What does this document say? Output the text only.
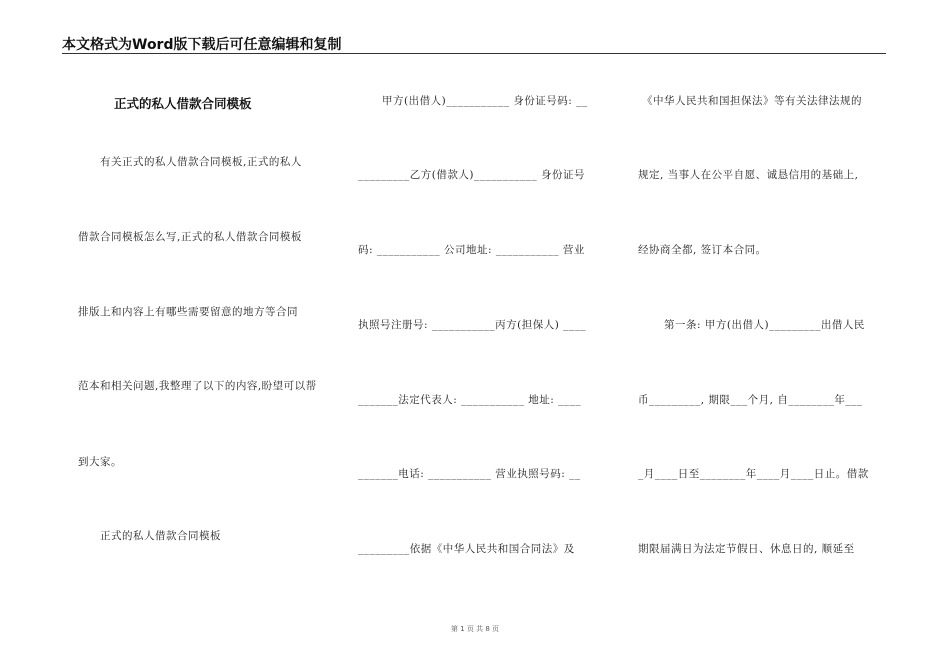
本文格式为Word版下载后可任意编辑和复制
正式的私人借款合同模板
有关正式的私人借款合同模板,正式的私人
借款合同模板怎么写,正式的私人借款合同模板
排版上和内容上有哪些需要留意的地方等合同
范本和相关问题,我整理了以下的内容,盼望可以帮
到大家。
正式的私人借款合同模板
甲方(出借人)___________ 身份证号码: __
_________乙方(借款人)___________ 身份证号
码: ___________ 公司地址: ___________ 营业
执照号注册号: ___________丙方(担保人) ____
_______法定代表人: ___________ 地址: ____
_______电话: ___________ 营业执照号码: __
_________依据《中华人民共和国合同法》及
《中华人民共和国担保法》等有关法律法规的
规定, 当事人在公平自愿、诚恳信用的基础上,
经协商全都, 签订本合同。
第一条: 甲方(出借人)_________出借人民
币_________, 期限___个月, 自________年___
_月____日至________年____月____日止。借款
期限届满日为法定节假日、休息日的, 顺延至
第 1 页 共 8 页
